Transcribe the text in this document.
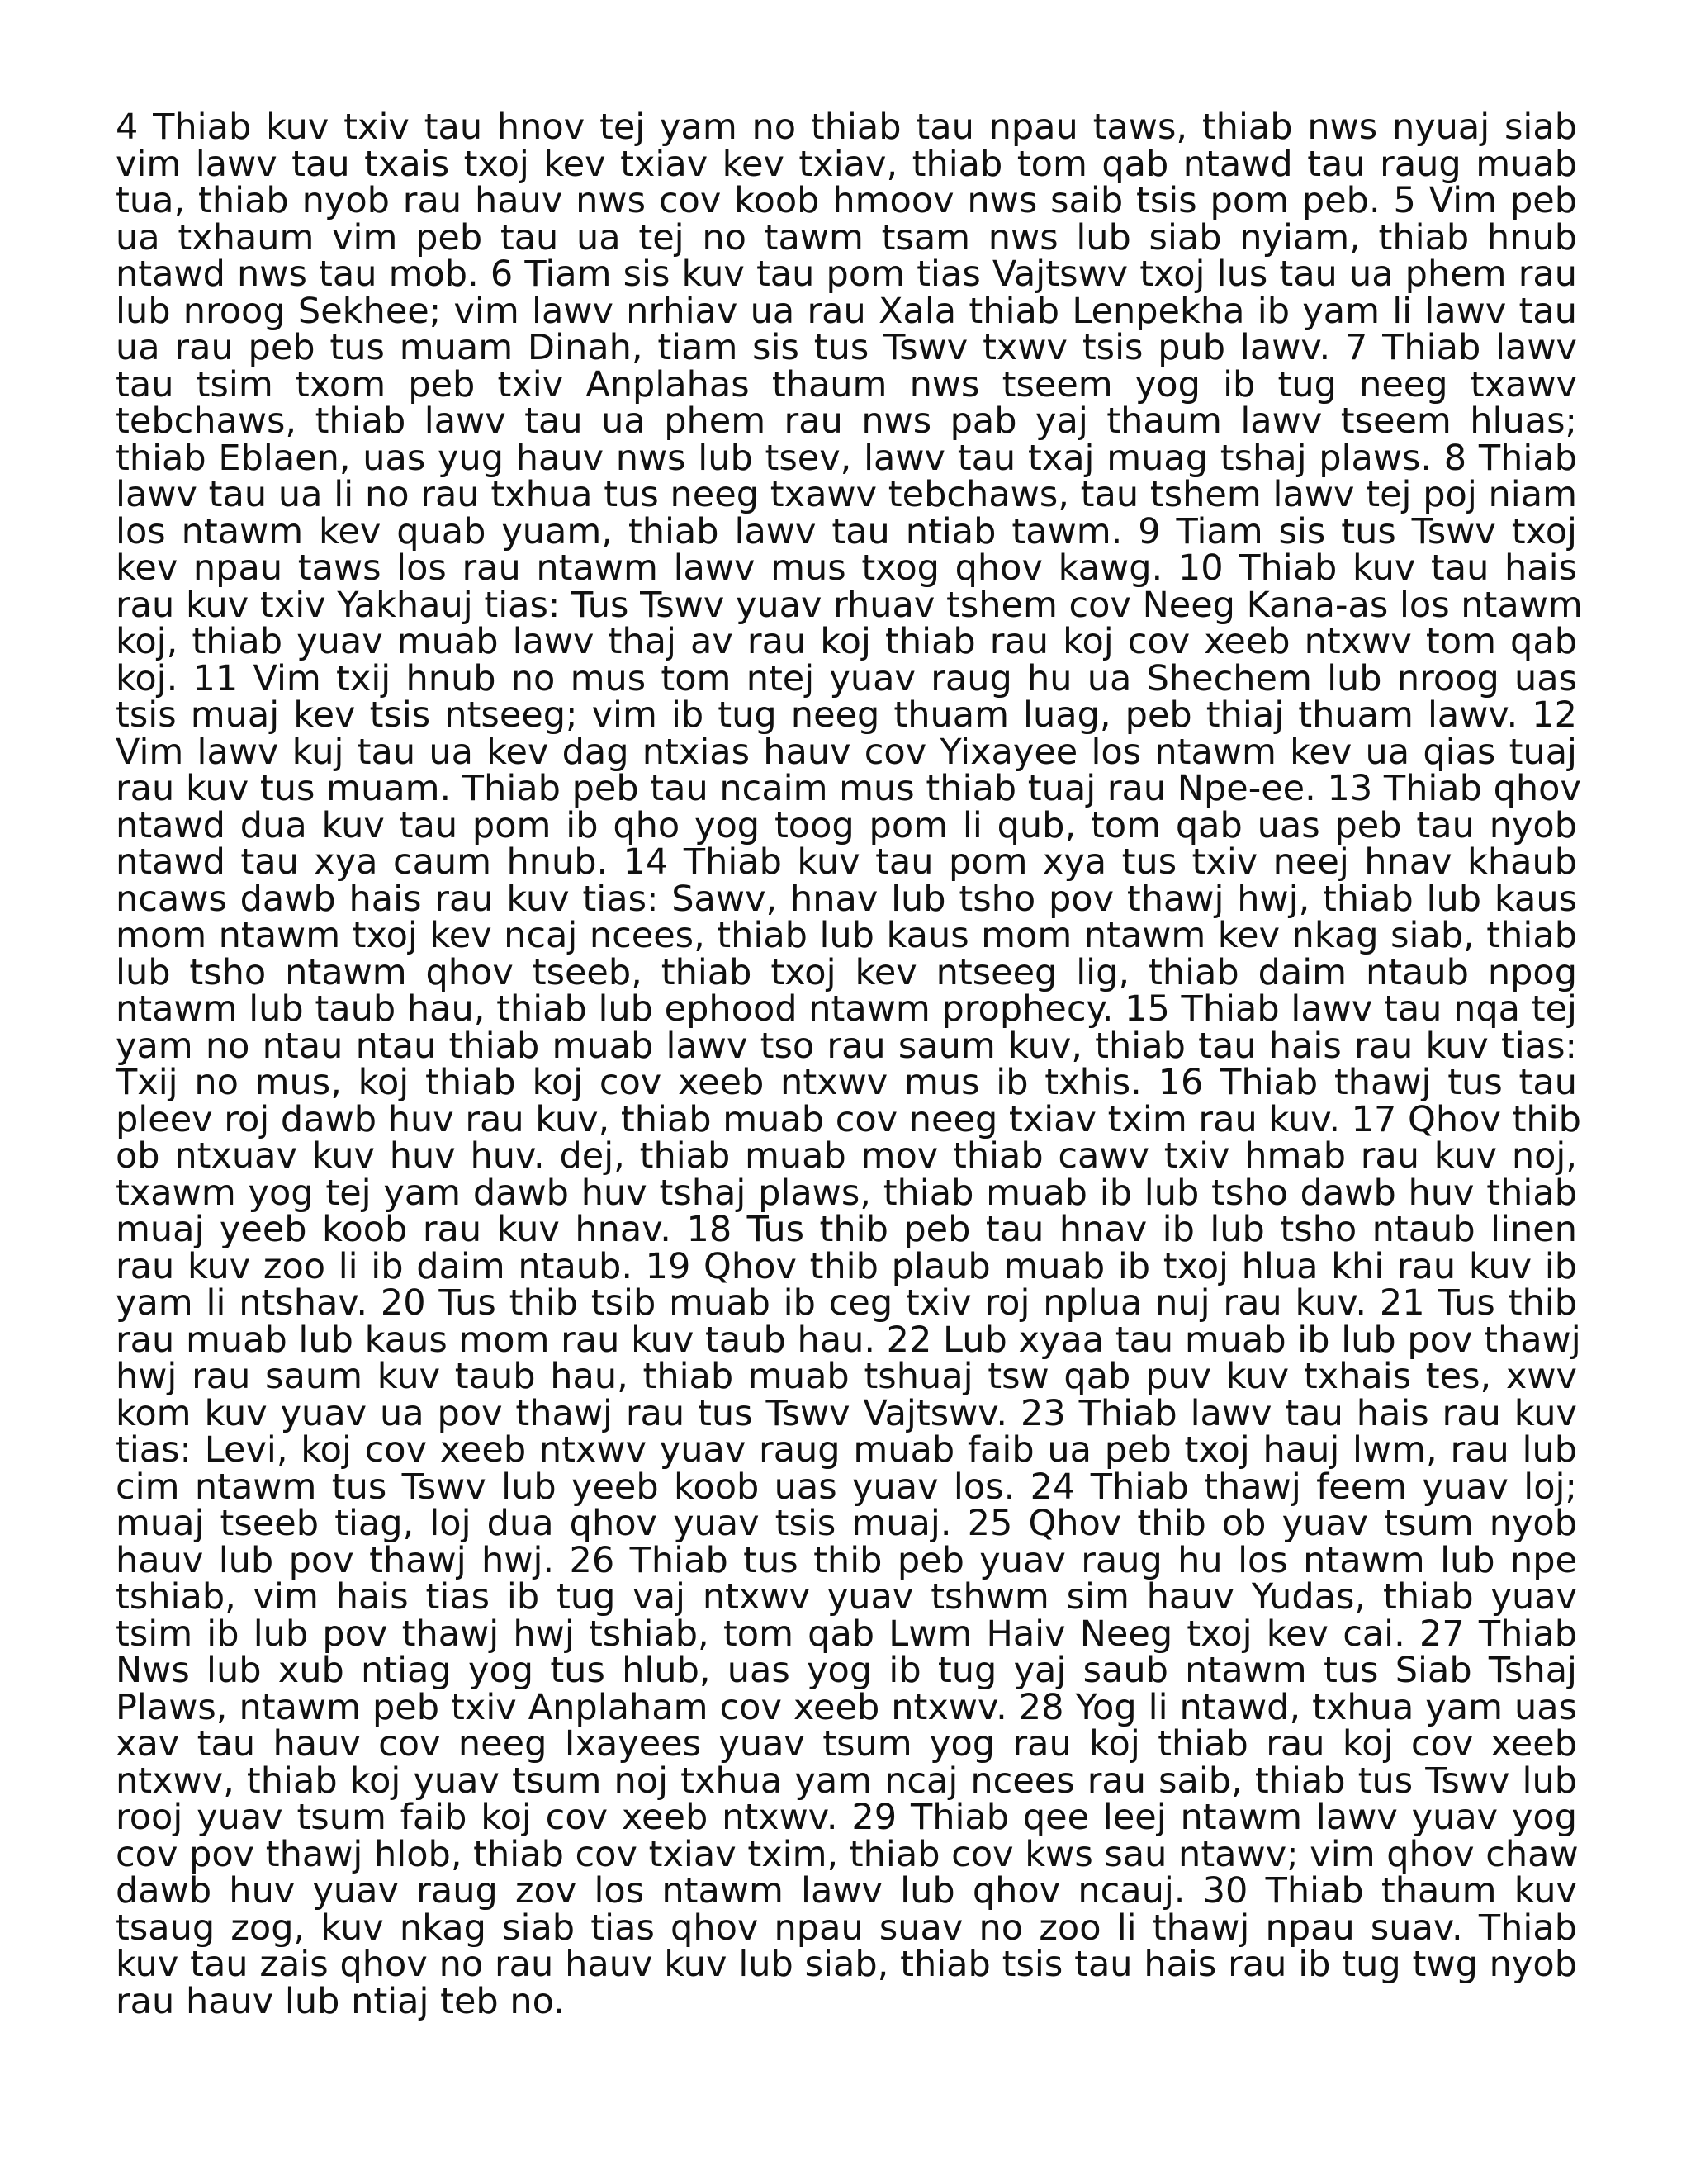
4 Thiab kuv txiv tau hnov tej yam no thiab tau npau taws, thiab nws nyuaj siab
vim lawv tau txais txoj kev txiav kev txiav, thiab tom qab ntawd tau raug muab
tua, thiab nyob rau hauv nws cov koob hmoov nws saib tsis pom peb. 5 Vim peb
ua txhaum vim peb tau ua tej no tawm tsam nws lub siab nyiam, thiab hnub
ntawd nws tau mob. 6 Tiam sis kuv tau pom tias Vajtswv txoj lus tau ua phem rau
lub nroog Sekhee; vim lawv nrhiav ua rau Xala thiab Lenpekha ib yam li lawv tau
ua rau peb tus muam Dinah, tiam sis tus Tswv txwv tsis pub lawv. 7 Thiab lawv
tau tsim txom peb txiv Anplahas thaum nws tseem yog ib tug neeg txawv
tebchaws, thiab lawv tau ua phem rau nws pab yaj thaum lawv tseem hluas;
thiab Eblaen, uas yug hauv nws lub tsev, lawv tau txaj muag tshaj plaws. 8 Thiab
lawv tau ua li no rau txhua tus neeg txawv tebchaws, tau tshem lawv tej poj niam
los ntawm kev quab yuam, thiab lawv tau ntiab tawm. 9 Tiam sis tus Tswv txoj
kev npau taws los rau ntawm lawv mus txog qhov kawg. 10 Thiab kuv tau hais
rau kuv txiv Yakhauj tias: Tus Tswv yuav rhuav tshem cov Neeg Kana-as los ntawm
koj, thiab yuav muab lawv thaj av rau koj thiab rau koj cov xeeb ntxwv tom qab
koj. 11 Vim txij hnub no mus tom ntej yuav raug hu ua Shechem lub nroog uas
tsis muaj kev tsis ntseeg; vim ib tug neeg thuam luag, peb thiaj thuam lawv. 12
Vim lawv kuj tau ua kev dag ntxias hauv cov Yixayee los ntawm kev ua qias tuaj
rau kuv tus muam. Thiab peb tau ncaim mus thiab tuaj rau Npe-ee. 13 Thiab qhov
ntawd dua kuv tau pom ib qho yog toog pom li qub, tom qab uas peb tau nyob
ntawd tau xya caum hnub. 14 Thiab kuv tau pom xya tus txiv neej hnav khaub
ncaws dawb hais rau kuv tias: Sawv, hnav lub tsho pov thawj hwj, thiab lub kaus
mom ntawm txoj kev ncaj ncees, thiab lub kaus mom ntawm kev nkag siab, thiab
lub tsho ntawm qhov tseeb, thiab txoj kev ntseeg lig, thiab daim ntaub npog
ntawm lub taub hau, thiab lub ephood ntawm prophecy. 15 Thiab lawv tau nqa tej
yam no ntau ntau thiab muab lawv tso rau saum kuv, thiab tau hais rau kuv tias:
Txij no mus, koj thiab koj cov xeeb ntxwv mus ib txhis. 16 Thiab thawj tus tau
pleev roj dawb huv rau kuv, thiab muab cov neeg txiav txim rau kuv. 17 Qhov thib
ob ntxuav kuv huv huv. dej, thiab muab mov thiab cawv txiv hmab rau kuv noj,
txawm yog tej yam dawb huv tshaj plaws, thiab muab ib lub tsho dawb huv thiab
muaj yeeb koob rau kuv hnav. 18 Tus thib peb tau hnav ib lub tsho ntaub linen
rau kuv zoo li ib daim ntaub. 19 Qhov thib plaub muab ib txoj hlua khi rau kuv ib
yam li ntshav. 20 Tus thib tsib muab ib ceg txiv roj nplua nuj rau kuv. 21 Tus thib
rau muab lub kaus mom rau kuv taub hau. 22 Lub xyaa tau muab ib lub pov thawj
hwj rau saum kuv taub hau, thiab muab tshuaj tsw qab puv kuv txhais tes, xwv
kom kuv yuav ua pov thawj rau tus Tswv Vajtswv. 23 Thiab lawv tau hais rau kuv
tias: Levi, koj cov xeeb ntxwv yuav raug muab faib ua peb txoj hauj lwm, rau lub
cim ntawm tus Tswv lub yeeb koob uas yuav los. 24 Thiab thawj feem yuav loj;
muaj tseeb tiag, loj dua qhov yuav tsis muaj. 25 Qhov thib ob yuav tsum nyob
hauv lub pov thawj hwj. 26 Thiab tus thib peb yuav raug hu los ntawm lub npe
tshiab, vim hais tias ib tug vaj ntxwv yuav tshwm sim hauv Yudas, thiab yuav
tsim ib lub pov thawj hwj tshiab, tom qab Lwm Haiv Neeg txoj kev cai. 27 Thiab
Nws lub xub ntiag yog tus hlub, uas yog ib tug yaj saub ntawm tus Siab Tshaj
Plaws, ntawm peb txiv Anplaham cov xeeb ntxwv. 28 Yog li ntawd, txhua yam uas
xav tau hauv cov neeg Ixayees yuav tsum yog rau koj thiab rau koj cov xeeb
ntxwv, thiab koj yuav tsum noj txhua yam ncaj ncees rau saib, thiab tus Tswv lub
rooj yuav tsum faib koj cov xeeb ntxwv. 29 Thiab qee leej ntawm lawv yuav yog
cov pov thawj hlob, thiab cov txiav txim, thiab cov kws sau ntawv; vim qhov chaw
dawb huv yuav raug zov los ntawm lawv lub qhov ncauj. 30 Thiab thaum kuv
tsaug zog, kuv nkag siab tias qhov npau suav no zoo li thawj npau suav. Thiab
kuv tau zais qhov no rau hauv kuv lub siab, thiab tsis tau hais rau ib tug twg nyob
rau hauv lub ntiaj teb no.
